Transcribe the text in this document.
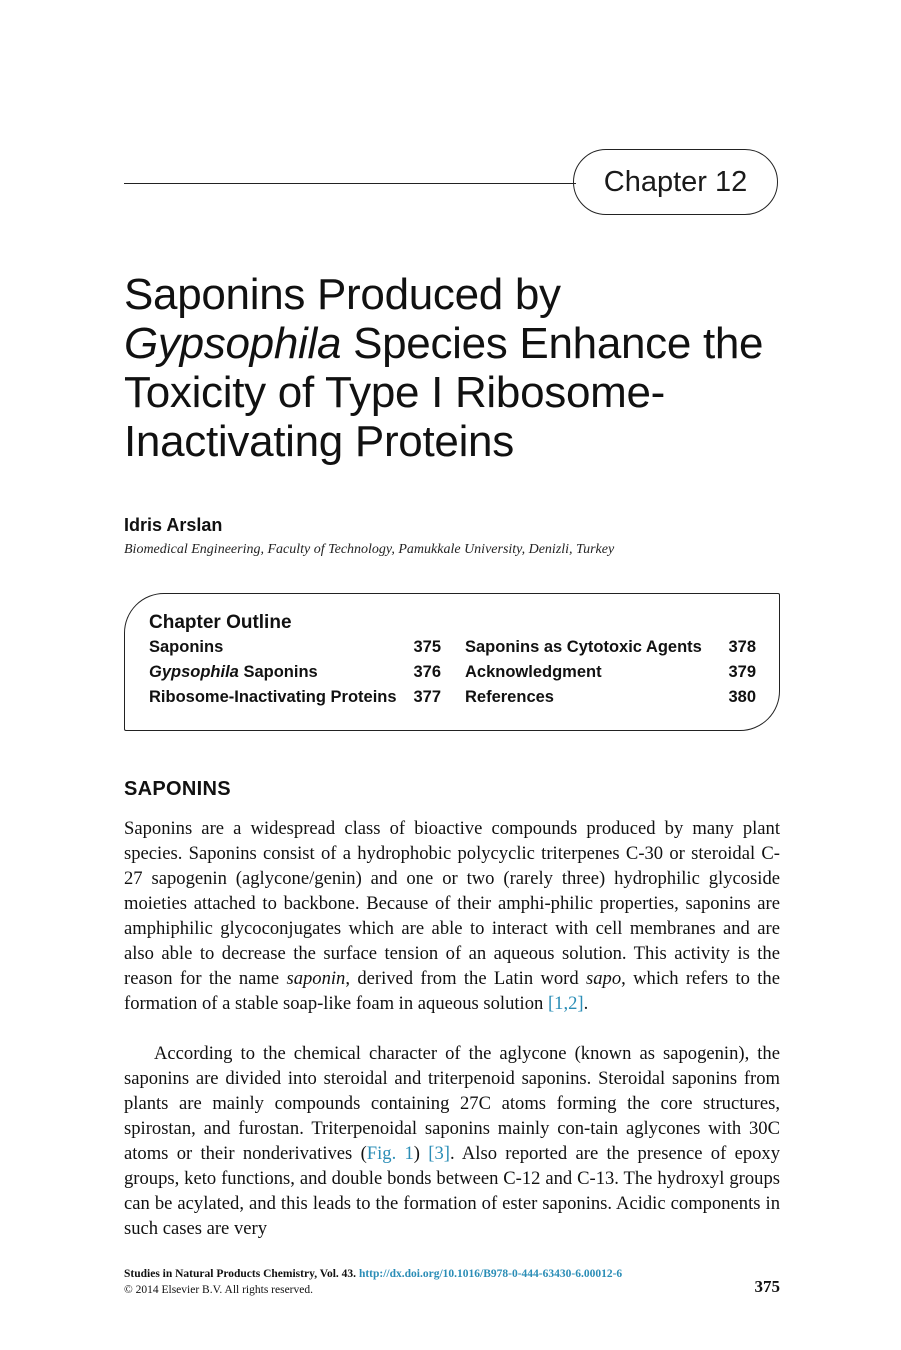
Chapter 12
Saponins Produced by
Gypsophila Species Enhance the
Toxicity of Type I Ribosome-
Inactivating Proteins
Idris Arslan
Biomedical Engineering, Faculty of Technology, Pamukkale University, Denizli, Turkey
Chapter Outline
Saponins	375
Gypsophila Saponins	376
Ribosome-Inactivating Proteins	377
Saponins as Cytotoxic Agents	378
Acknowledgment	379
References	380
SAPONINS

Saponins are a widespread class of bioactive compounds produced by many plant species. Saponins consist of a hydrophobic polycyclic triterpenes C-30 or steroidal C-27 sapogenin (aglycone/genin) and one or two (rarely three) hydrophilic glycoside moieties attached to backbone. Because of their amphi-philic properties, saponins are amphiphilic glycoconjugates which are able to interact with cell membranes and are also able to decrease the surface tension of an aqueous solution. This activity is the reason for the name saponin, derived from the Latin word sapo, which refers to the formation of a stable soap-like foam in aqueous solution [1,2].

According to the chemical character of the aglycone (known as sapogenin), the saponins are divided into steroidal and triterpenoid saponins. Steroidal saponins from plants are mainly compounds containing 27C atoms forming the core structures, spirostan, and furostan. Triterpenoidal saponins mainly con-tain aglycones with 30C atoms or their nonderivatives (Fig. 1) [3]. Also reported are the presence of epoxy groups, keto functions, and double bonds between C-12 and C-13. The hydroxyl groups can be acylated, and this leads to the formation of ester saponins. Acidic components in such cases are very

Studies in Natural Products Chemistry, Vol. 43. http://dx.doi.org/10.1016/B978-0-444-63430-6.00012-6
© 2014 Elsevier B.V. All rights reserved.	375
